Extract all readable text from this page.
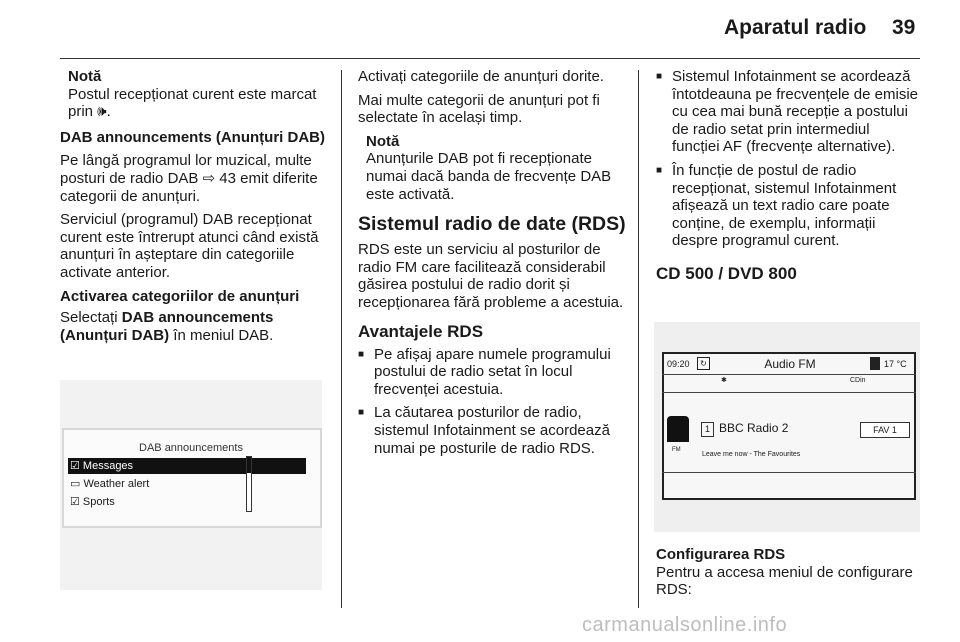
Aparatul radio 39
Notă
Postul recepționat curent este marcat prin 🕪.

DAB announcements (Anunțuri DAB)

Pe lângă programul lor muzical, multe posturi de radio DAB ⇨ 43 emit diferite categorii de anunțuri.

Serviciul (programul) DAB recepționat curent este întrerupt atunci când există anunțuri în așteptare din categoriile activate anterior.

Activarea categoriilor de anunțuri

Selectați DAB announcements (Anunțuri DAB) în meniul DAB.

DAB announcements
☑ Messages
▭ Weather alert
☑ Sports

Activați categoriile de anunțuri dorite.

Mai multe categorii de anunțuri pot fi selectate în același timp.

Notă
Anunțurile DAB pot fi recepționate numai dacă banda de frecvențe DAB este activată.
Sistemul radio de date (RDS)

RDS este un serviciu al posturilor de radio FM care facilitează considerabil găsirea postului de radio dorit și recepționarea fără probleme a acestuia.

Avantajele RDS
■ Pe afișaj apare numele programului postului de radio setat în locul frecvenței acestuia.
■ La căutarea posturilor de radio, sistemul Infotainment se acordează numai pe posturile de radio RDS.
■ Sistemul Infotainment se acordează întotdeauna pe frecvențele de emisie cu cea mai bună recepție a postului de radio setat prin intermediul funcției AF (frecvențe alternative).
■ În funcție de postul de radio recepționat, sistemul Infotainment afișează un text radio care poate conține, de exemplu, informații despre programul curent.
CD 500 / DVD 800
09:20	↻	Audio FM	17 °C
✱	CDin
FM
1 BBC Radio 2	FAV 1
Leave me now - The Favourites
Configurarea RDS
Pentru a accesa meniul de configurare RDS:
carmanualsonline.info
